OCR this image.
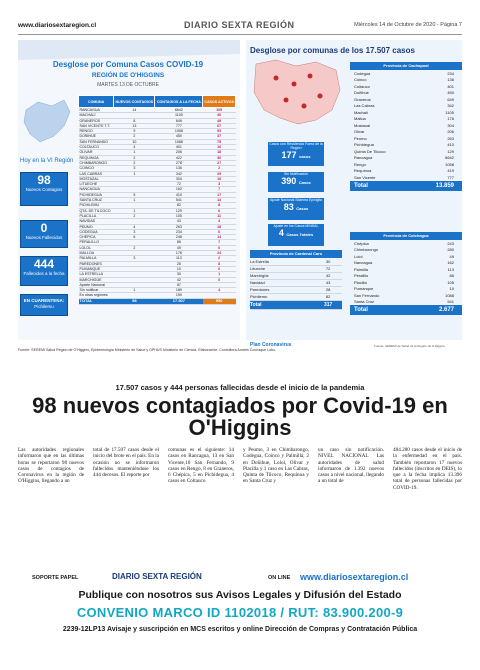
www.diariosextaregion.cl	DIARIO SEXTA REGIÓN	Miércoles 14 de Octubre de 2020 - Página 7
Desglose por Comuna Casos COVID-19
REGIÓN DE O'HIGGINS
MARTES 13 DE OCTUBRE
Hoy en la VI Región
98
Nuevos Contagios
0
Nuevos Fallecidos
444
Fallecidos a la fecha
EN CUARENTENA:
Pichilemu
COMUNA	NUEVOS CONTAGIOS	CONTAGIOS A LA FECHA	CASOS ACTIVOS
RANCAGUA	14	6642	105
MACHALÍ		1105	40
GRANEROS	8	649	49
SAN VICENTE T.T.	13	777	67
RENGO	9	1058	53
DOÑIHUE	2	450	37
SAN FERNANDO	10	1088	75
COLTAUCO	4	401	16
OLIVAR	1	206	18
REQUINOA	2	422	30
CHIMBARONGO	2	278	27
COINCO	3	136	2
LAS CABRAS	1	342	29
MOSTAZAL		304	10
LITUECHE		72	3
NANCAGUA		162	7
PICHIDEGUA	5	410	17
SANTA CRUZ	1	541	14
PICHILEMU		82	8
QTA. DE TILCOCO	1	129	6
PLACILLA	2	105	11
NAVIDAD		43	4
PEUMO	4	263	18
CODEGUA	3	234	6
CHÉPICA	6	248	14
PERALILLO		86	7
LOLOL	2	49	6
MALLOA		176	24
PALMILLA	3	113	2
PAREDONES		28	8
PUMANQUE		10	0
LA ESTRELLA		30	1
MARCHIGÜE		42	0
Aparte Nacional		87	
Sin notificar	1	189	4
En otras regiones		159	
TOTAL	98	17.507	950
Desglose por comunas de los 17.507 casos
Casos con Residencia Fuera de la Región
177 casos
Sin Notificación
390 Casos
Ajuste Nacional Sistema Epivigila
83 Casos
Ajuste en los Casos MINSAL
4 Casos Totales
Provincia de Cardenal Caro
La Estrella	30
Litueche	72
Marchigüe	42
Navidad	43
Paredones	28
Pichilemu	82
Total	317
Provincia de Cachapoal
Codegua	234
Coinco	136
Coltauco	401
Doñihue	450
Graneros	649
Las Cabras	342
Machalí	1105
Malloa	176
Mostazal	304
Olivar	206
Peumo	263
Pichidegua	410
Quinta De Tilcoco	129
Rancagua	6642
Rengo	1058
Requínoa	419
San Vicente	777
Total	13.859
Provincia de Colchagua
Chépica	243
Chimbarongo	280
Lolol	49
Nancagua	162
Palmilla	113
Peralillo	86
Placilla	105
Pumanque	10
San Fernando	1088
Santa Cruz	541
Total	2.677
Plan Coronavirus	Fuente: SEREMI de Salud de la Región de O'Higgins
Fuente: SEREMI Salud Región de O'Higgins, Epidemiología Ministerio de Salud y GPHUS Ministerio de Ciencia. Elaboración: Consultora Andrés Cochaque Lobo.
17.507 casos y 444 personas fallecidas desde el inicio de la pandemia
98 nuevos contagiados por Covid-19 en O'Higgins

Las autoridades regionales informaron que en las últimas horas se reportaron 98 nuevos casos de contagios de Coronavirus en la región de O'Higgins, llegando a un

total de 17.507 casos desde el inicio del brote en el país. En la ocasión no se informaron fallecidos manteniéndose los 444 decesos. El reporte por

comunas es el siguiente: 14 casos en Rancagua, 13 en San Vicente,10 San Fernando, 9 casos en Rengo, 8 en Graneros, 6 Chépica, 5 en Pichidegua, 4 casos en Coltauco

y Peumo, 3 en Chimbarongo, Codegua, Coinco y Palmilla, 2 en Doñihue, Lolol, Olivar y Placilla y 1 caso en Las Cabras, Quinta de Tilcoco, Requínoa y en Santa Cruz y

un caso sin notificación. NIVEL NACIONAL Las autoridades de salud informaron de 1.392 nuevos casos a nivel nacional, llegando a un total de

484.280 casos desde el inicio de la enfermedad en el país. También reportaron 17 nuevos fallecidos (inscritos en DEIS), lo que a la fecha implica 13.396 total de personas fallecidas por COVID-19.

SOPORTE PAPEL	DIARIO SEXTA REGIÓN	ON LINE www.diariosextaregion.cl
Publique con nosotros sus Avisos Legales y Difusión del Estado
CONVENIO MARCO ID 1102018 / RUT: 83.900.200-9
2239-12LP13 Avisaje y suscripción en MCS escritos y online Dirección de Compras y Contratación Pública
